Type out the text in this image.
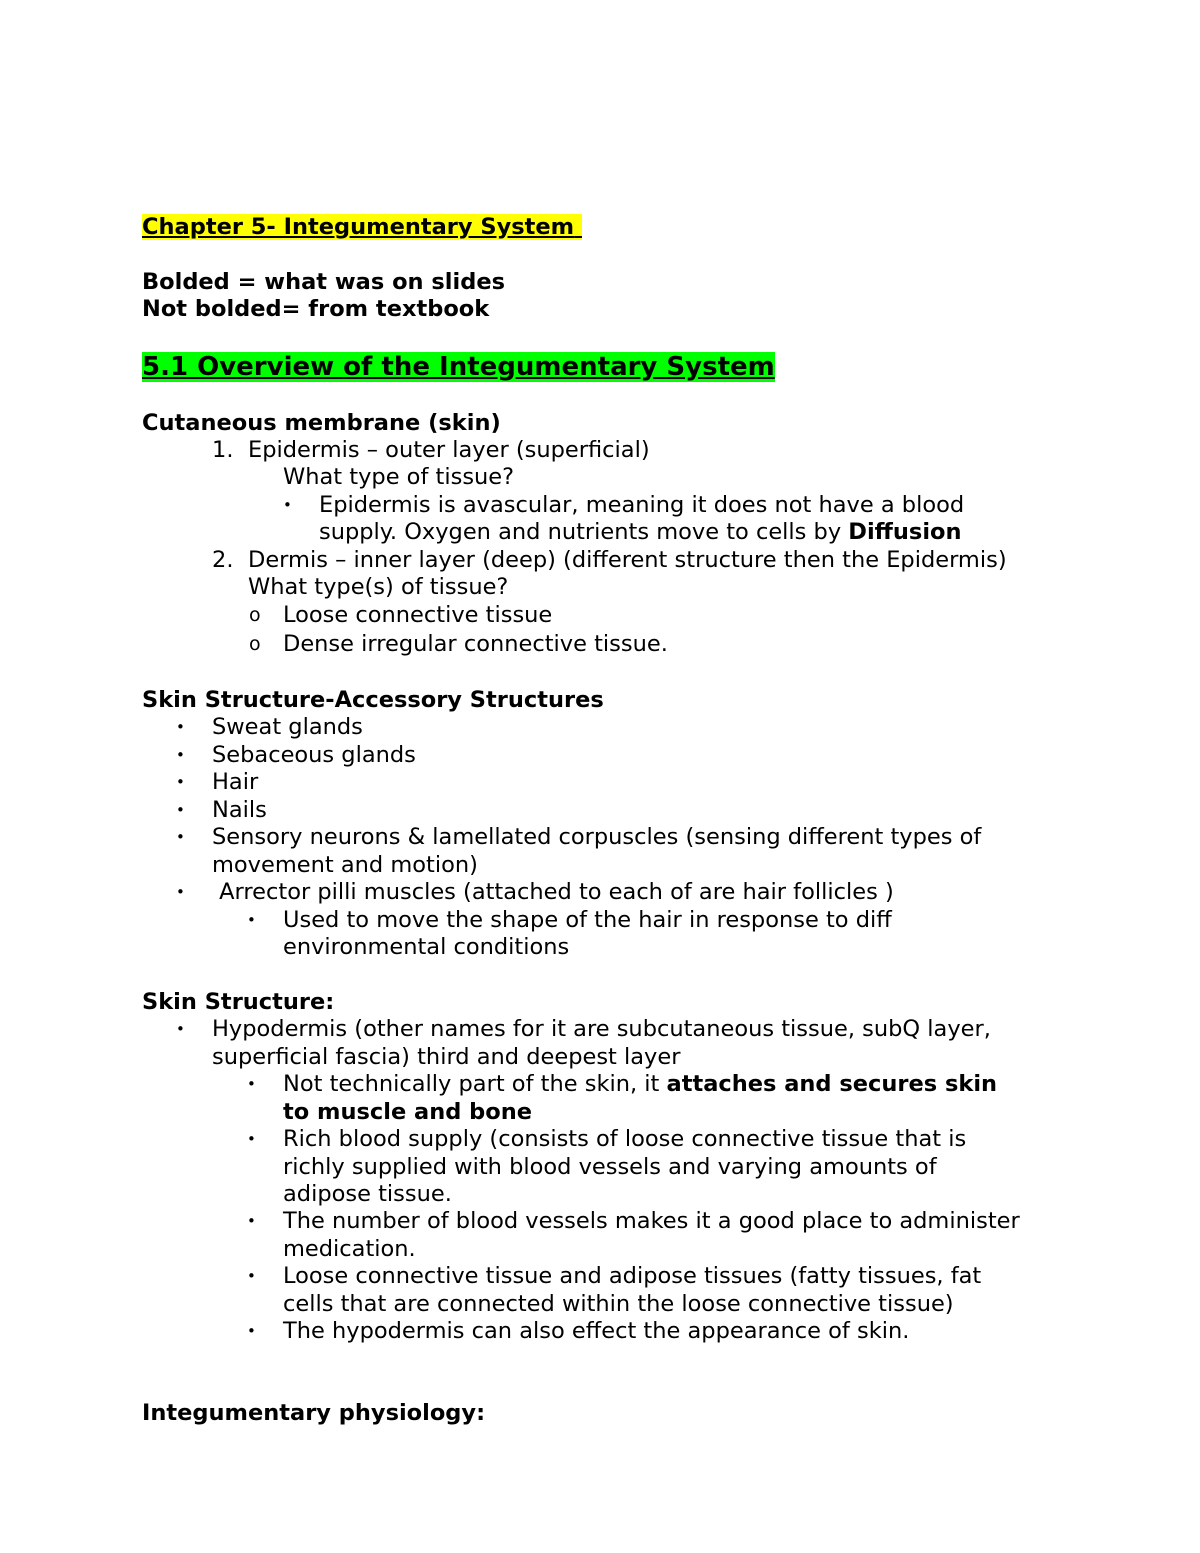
Chapter 5- Integumentary System
Bolded = what was on slides
Not bolded= from textbook
5.1 Overview of the Integumentary System
Cutaneous membrane (skin)
1. Epidermis – outer layer (superficial)
What type of tissue?
• Epidermis is avascular, meaning it does not have a blood
supply. Oxygen and nutrients move to cells by Diffusion
2. Dermis – inner layer (deep) (different structure then the Epidermis)
What type(s) of tissue?
o Loose connective tissue
o Dense irregular connective tissue.
Skin Structure-Accessory Structures
• Sweat glands
• Sebaceous glands
• Hair
• Nails
• Sensory neurons & lamellated corpuscles (sensing different types of
movement and motion)
• Arrector pilli muscles (attached to each of are hair follicles )
• Used to move the shape of the hair in response to diff
environmental conditions
Skin Structure:
• Hypodermis (other names for it are subcutaneous tissue, subQ layer,
superficial fascia) third and deepest layer
• Not technically part of the skin, it attaches and secures skin
to muscle and bone
• Rich blood supply (consists of loose connective tissue that is
richly supplied with blood vessels and varying amounts of
adipose tissue.
• The number of blood vessels makes it a good place to administer
medication.
• Loose connective tissue and adipose tissues (fatty tissues, fat
cells that are connected within the loose connective tissue)
• The hypodermis can also effect the appearance of skin.
Integumentary physiology:
